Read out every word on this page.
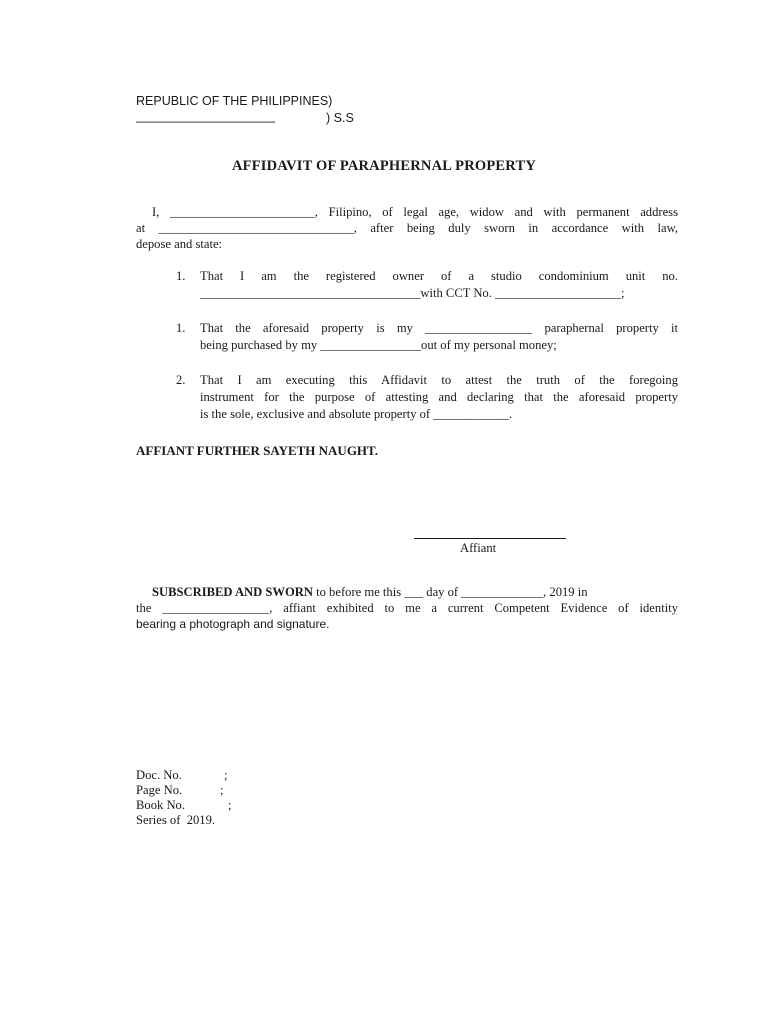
REPUBLIC OF THE PHILIPPINES)
____________________	) S.S
AFFIDAVIT OF PARAPHERNAL PROPERTY
I, _______________________, Filipino, of legal age, widow and with permanent address
at _______________________________, after being duly sworn in accordance with law,
depose and state:
1. That I am the registered owner of a studio condominium unit no.
___________________________________with CCT No. ____________________;
1. That the aforesaid property is my _________________ paraphernal property it
being purchased by my ________________out of my personal money;
2. That I am executing this Affidavit to attest the truth of the foregoing
instrument for the purpose of attesting and declaring that the aforesaid property
is the sole, exclusive and absolute property of ____________.
AFFIANT FURTHER SAYETH NAUGHT.
Affiant
SUBSCRIBED AND SWORN to before me this ___ day of _____________, 2019 in
the _________________, affiant exhibited to me a current Competent Evidence of identity
bearing a photograph and signature.
Doc. No.	;
Page No.	;
Book No.	;
Series of  2019.
